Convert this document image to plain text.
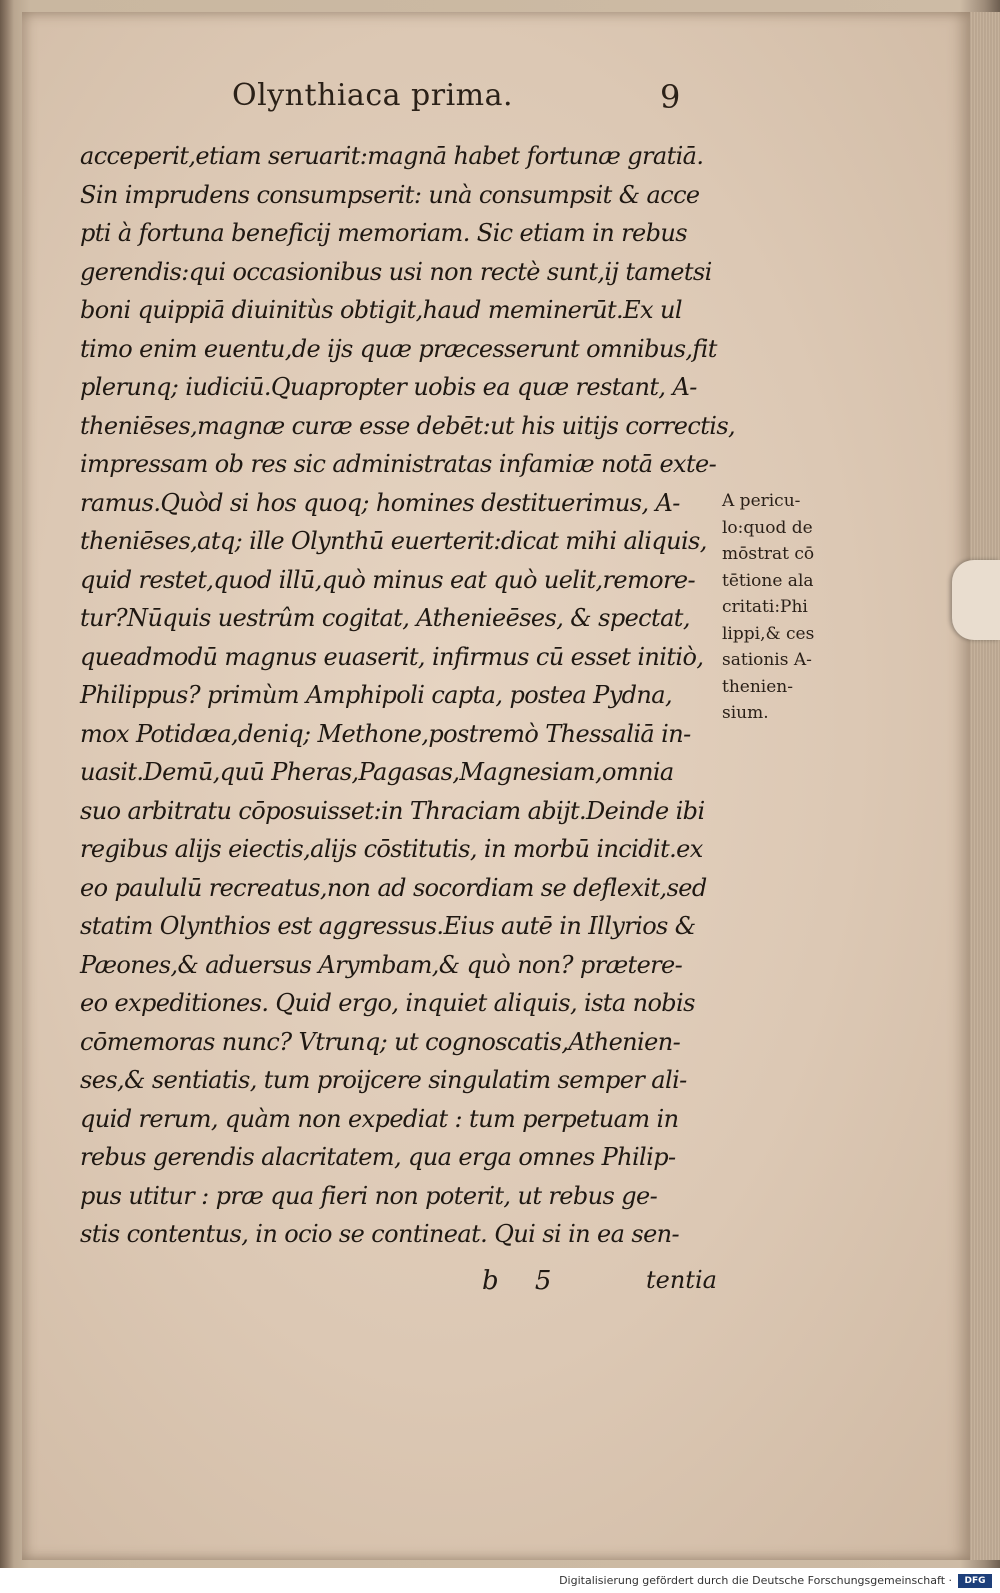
Olynthiaca prima.	9
acceperit,etiam seruarit:magnā habet fortunæ gratiā.
Sin imprudens consumpserit: unà consumpsit & acce
pti à fortuna beneficij memoriam. Sic etiam in rebus
gerendis:qui occasionibus usi non rectè sunt,ij tametsi
boni quippiā diuinitùs obtigit,haud meminerūt.Ex ul
timo enim euentu,de ijs quæ præcesserunt omnibus,fit
plerunq; iudiciū.Quapropter uobis ea quæ restant, A-
theniēses,magnæ curæ esse debēt:ut his uitijs correctis,
impressam ob res sic administratas infamiæ notā exte-
ramus.Quòd si hos quoq; homines destituerimus, A-
theniēses,atq; ille Olynthū euerterit:dicat mihi aliquis,
quid restet,quod illū,quò minus eat quò uelit,remore-
tur?Nūquis uestrûm cogitat, Athenieēses, & spectat,
queadmodū magnus euaserit, infirmus cū esset initiò,
Philippus? primùm Amphipoli capta, postea Pydna,
mox Potidæa,deniq; Methone,postremò Thessaliā in-
uasit.Demū,quū Pheras,Pagasas,Magnesiam,omnia
suo arbitratu cōposuisset:in Thraciam abijt.Deinde ibi
regibus alijs eiectis,alijs cōstitutis, in morbū incidit.ex
eo paululū recreatus,non ad socordiam se deflexit,sed
statim Olynthios est aggressus.Eius autē in Illyrios &
Pæones,& aduersus Arymbam,& quò non? prætere-
eo expeditiones. Quid ergo, inquiet aliquis, ista nobis
cōmemoras nunc? Vtrunq; ut cognoscatis,Athenien-
ses,& sentiatis, tum proijcere singulatim semper ali-
quid rerum, quàm non expediat : tum perpetuam in
rebus gerendis alacritatem, qua erga omnes Philip-
pus utitur : præ qua fieri non poterit, ut rebus ge-
stis contentus, in ocio se contineat. Qui si in ea sen-
A pericu-
lo:quod de
mōstrat cō
tētione ala
critati:Phi
lippi,& ces
sationis A-
thenien-
sium.
b 5	tentia
Digitalisierung gefördert durch die Deutsche Forschungsgemeinschaft ·	DFG
